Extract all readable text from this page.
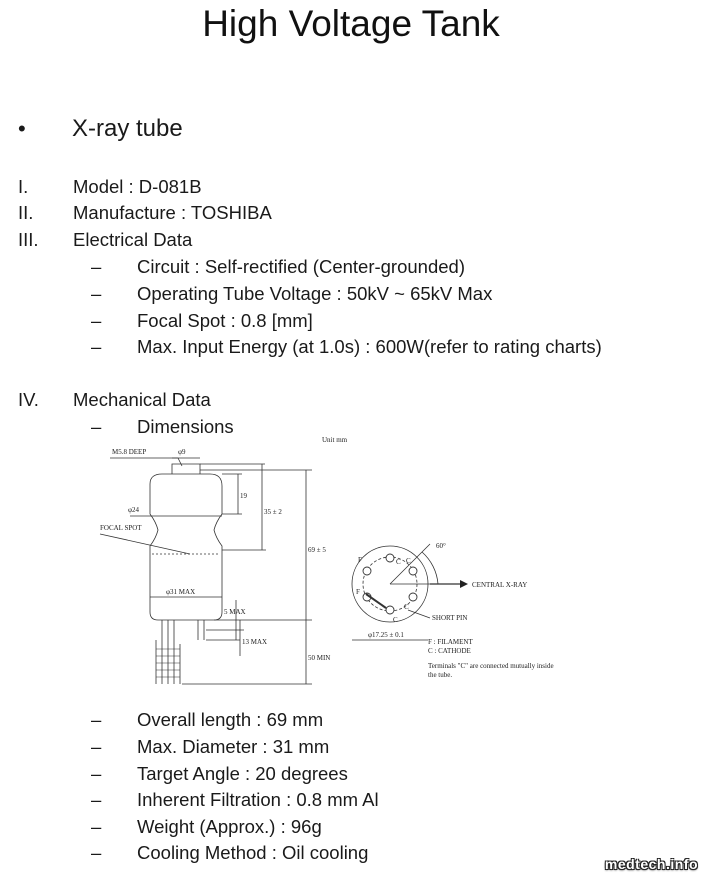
High Voltage Tank
• X-ray tube
I. Model : D-081B
II. Manufacture : TOSHIBA
III. Electrical Data
– Circuit : Self-rectified (Center-grounded)
– Operating Tube Voltage : 50kV ~ 65kV Max
– Focal Spot : 0.8 [mm]
– Max. Input Energy (at 1.0s) : 600W(refer to rating charts)
IV. Mechanical Data
– Dimensions
Unit mm
M5.8 DEEP	φ9
φ24
FOCAL SPOT
φ31 MAX
19
35 ± 2
69 ± 5
5 MAX
13 MAX
50 MIN
60°
CENTRAL X-RAY
SHORT PIN
φ17.25 ± 0.1
F : FILAMENT
C : CATHODE
Terminals "C" are connected mutually inside
the tube.
C C
C
C
F
F
– Overall length : 69 mm
– Max. Diameter : 31 mm
– Target Angle : 20 degrees
– Inherent Filtration : 0.8 mm Al
– Weight (Approx.) : 96g
– Cooling Method : Oil cooling
medtech.info
